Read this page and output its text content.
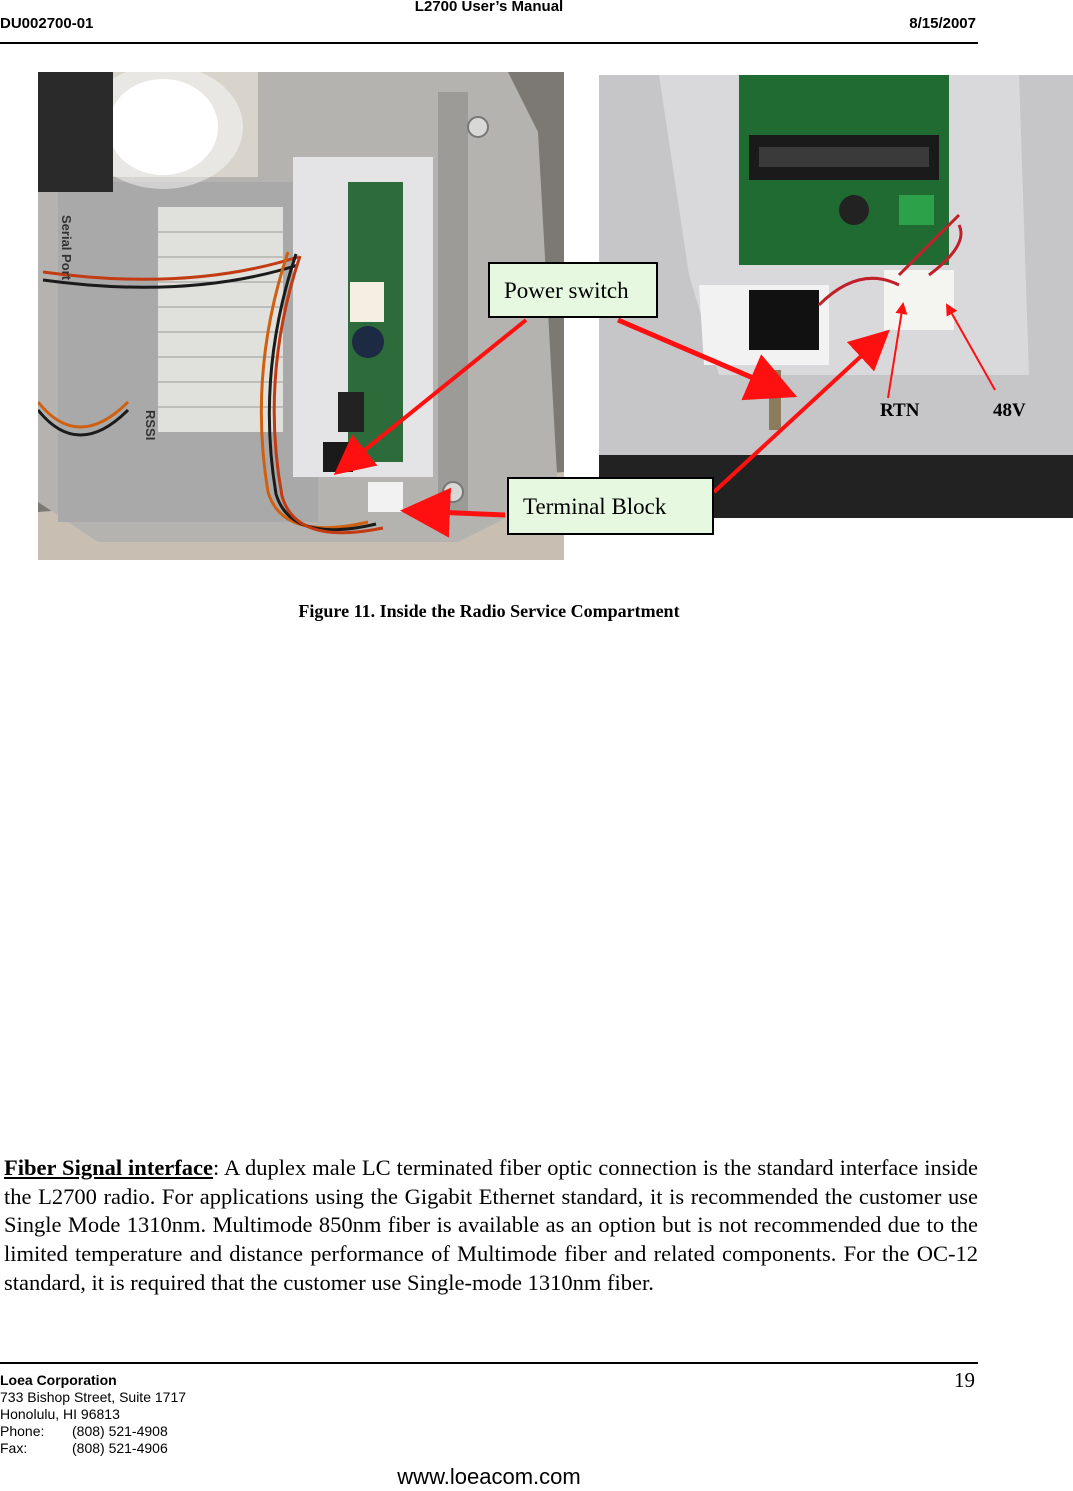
L2700 User’s Manual
DU002700-01	8/15/2007
Serial Port
RSSI	RTN	48V
Power switch
Terminal Block
Figure 11. Inside the Radio Service Compartment
Fiber Signal interface: A duplex male LC terminated fiber optic connection is the standard interface inside the L2700 radio. For applications using the Gigabit Ethernet standard, it is recommended the customer use Single Mode 1310nm. Multimode 850nm fiber is available as an option but is not recommended due to the limited temperature and distance performance of Multimode fiber and related components. For the OC-12 standard, it is required that the customer use Single-mode 1310nm fiber.
Loea Corporation
733 Bishop Street, Suite 1717
Honolulu, HI 96813
Phone: (808) 521-4908
Fax:	(808) 521-4906
19
www.loeacom.com
